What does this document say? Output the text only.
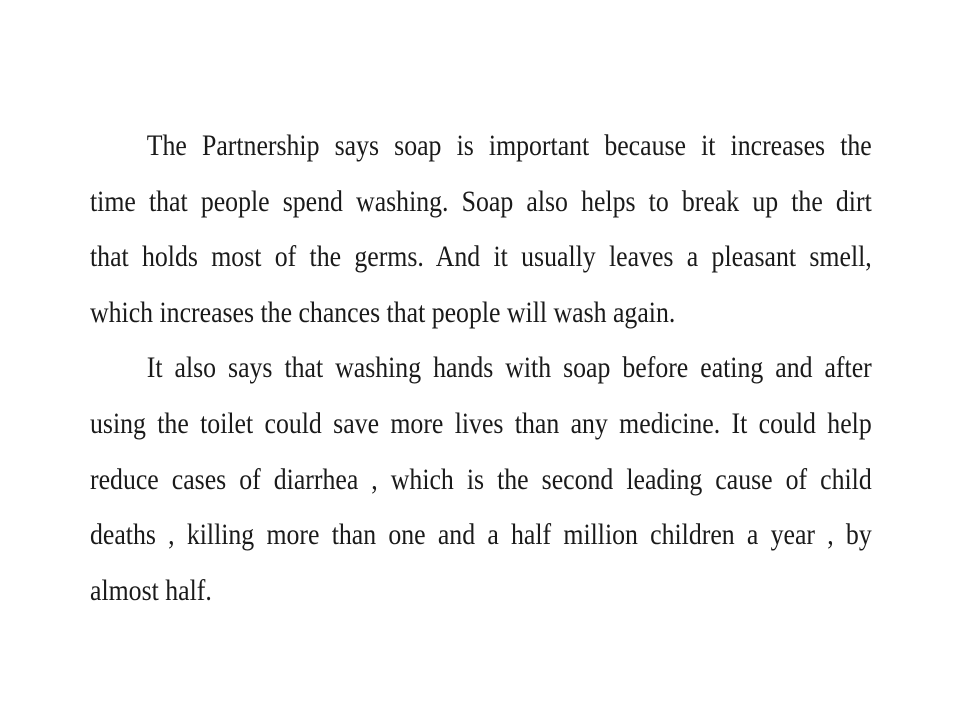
The Partnership says soap is important because it increases the
time that people spend washing. Soap also helps to break up the dirt
that holds most of the germs. And it usually leaves a pleasant smell,
which increases the chances that people will wash again.
It also says that washing hands with soap before eating and after
using the toilet could save more lives than any medicine. It could help
reduce cases of diarrhea , which is the second leading cause of child
deaths , killing more than one and a half million children a year , by
almost half.
